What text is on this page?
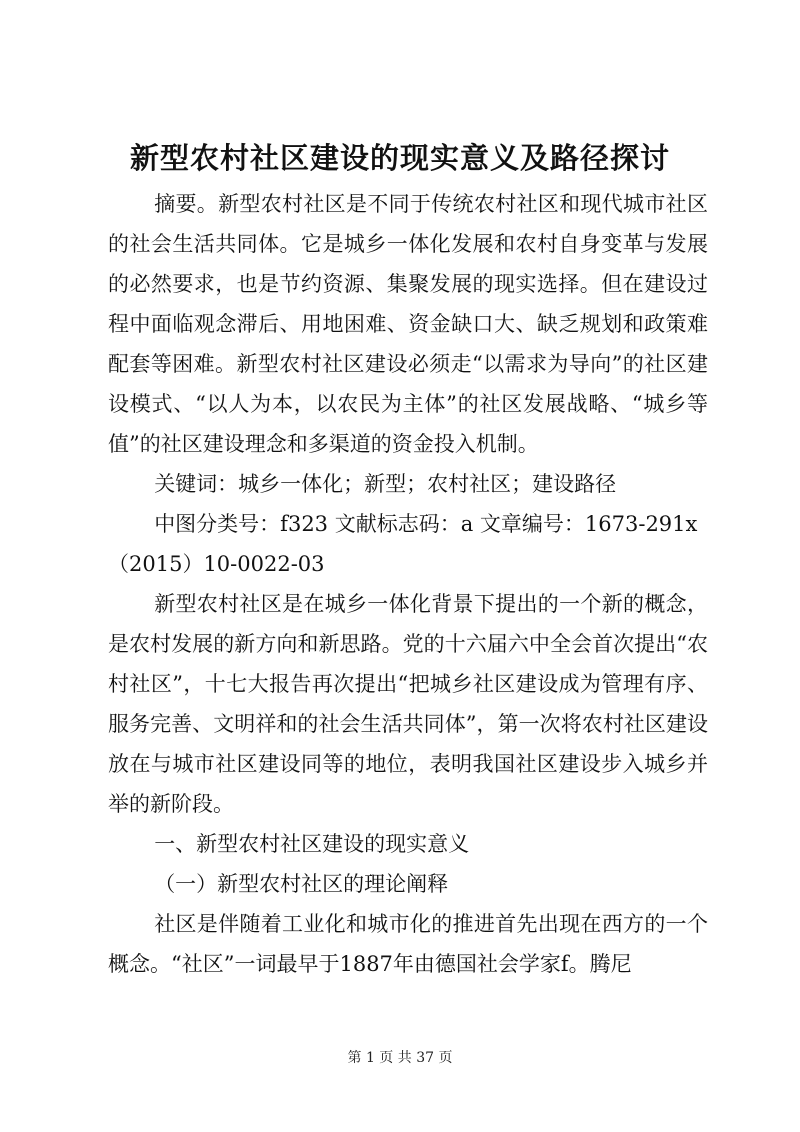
新型农村社区建设的现实意义及路径探讨

摘要。新型农村社区是不同于传统农村社区和现代城市社区的社会生活共同体。它是城乡一体化发展和农村自身变革与发展的必然要求，也是节约资源、集聚发展的现实选择。但在建设过程中面临观念滞后、用地困难、资金缺口大、缺乏规划和政策难配套等困难。新型农村社区建设必须走“以需求为导向”的社区建设模式、“以人为本，以农民为主体”的社区发展战略、“城乡等值”的社区建设理念和多渠道的资金投入机制。

关键词：城乡一体化；新型；农村社区；建设路径

中图分类号：f323 文献标志码：a 文章编号：1673-291x

（2015）10-0022-03

新型农村社区是在城乡一体化背景下提出的一个新的概念，是农村发展的新方向和新思路。党的十六届六中全会首次提出“农村社区”，十七大报告再次提出“把城乡社区建设成为管理有序、服务完善、文明祥和的社会生活共同体”，第一次将农村社区建设放在与城市社区建设同等的地位，表明我国社区建设步入城乡并举的新阶段。

一、新型农村社区建设的现实意义

（一）新型农村社区的理论阐释

社区是伴随着工业化和城市化的推进首先出现在西方的一个概念。“社区”一词最早于1887年由德国社会学家f。腾尼

第 1 页 共 37 页
